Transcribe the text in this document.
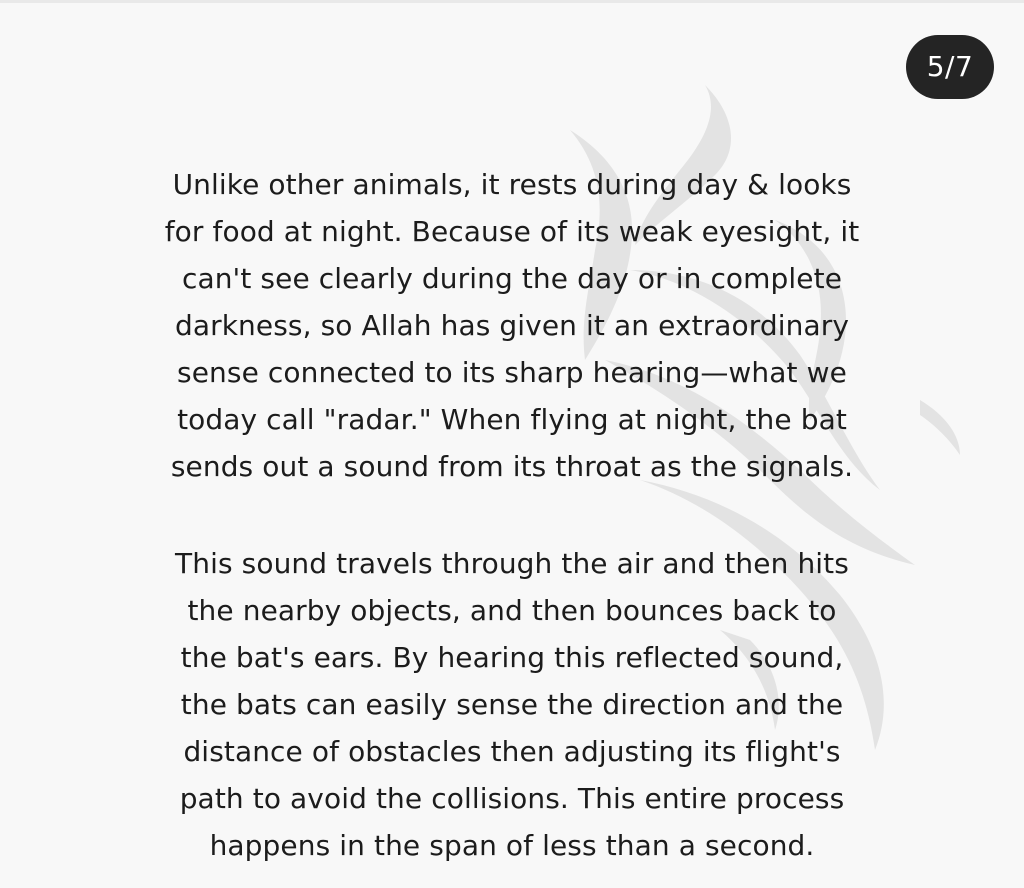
5/7
Unlike other animals, it rests during day & looks
for food at night. Because of its weak eyesight, it
can't see clearly during the day or in complete
darkness, so Allah has given it an extraordinary
sense connected to its sharp hearing—what we
today call "radar." When flying at night, the bat
sends out a sound from its throat as the signals.
This sound travels through the air and then hits
the nearby objects, and then bounces back to
the bat's ears. By hearing this reflected sound,
the bats can easily sense the direction and the
distance of obstacles then adjusting its flight's
path to avoid the collisions. This entire process
happens in the span of less than a second.
